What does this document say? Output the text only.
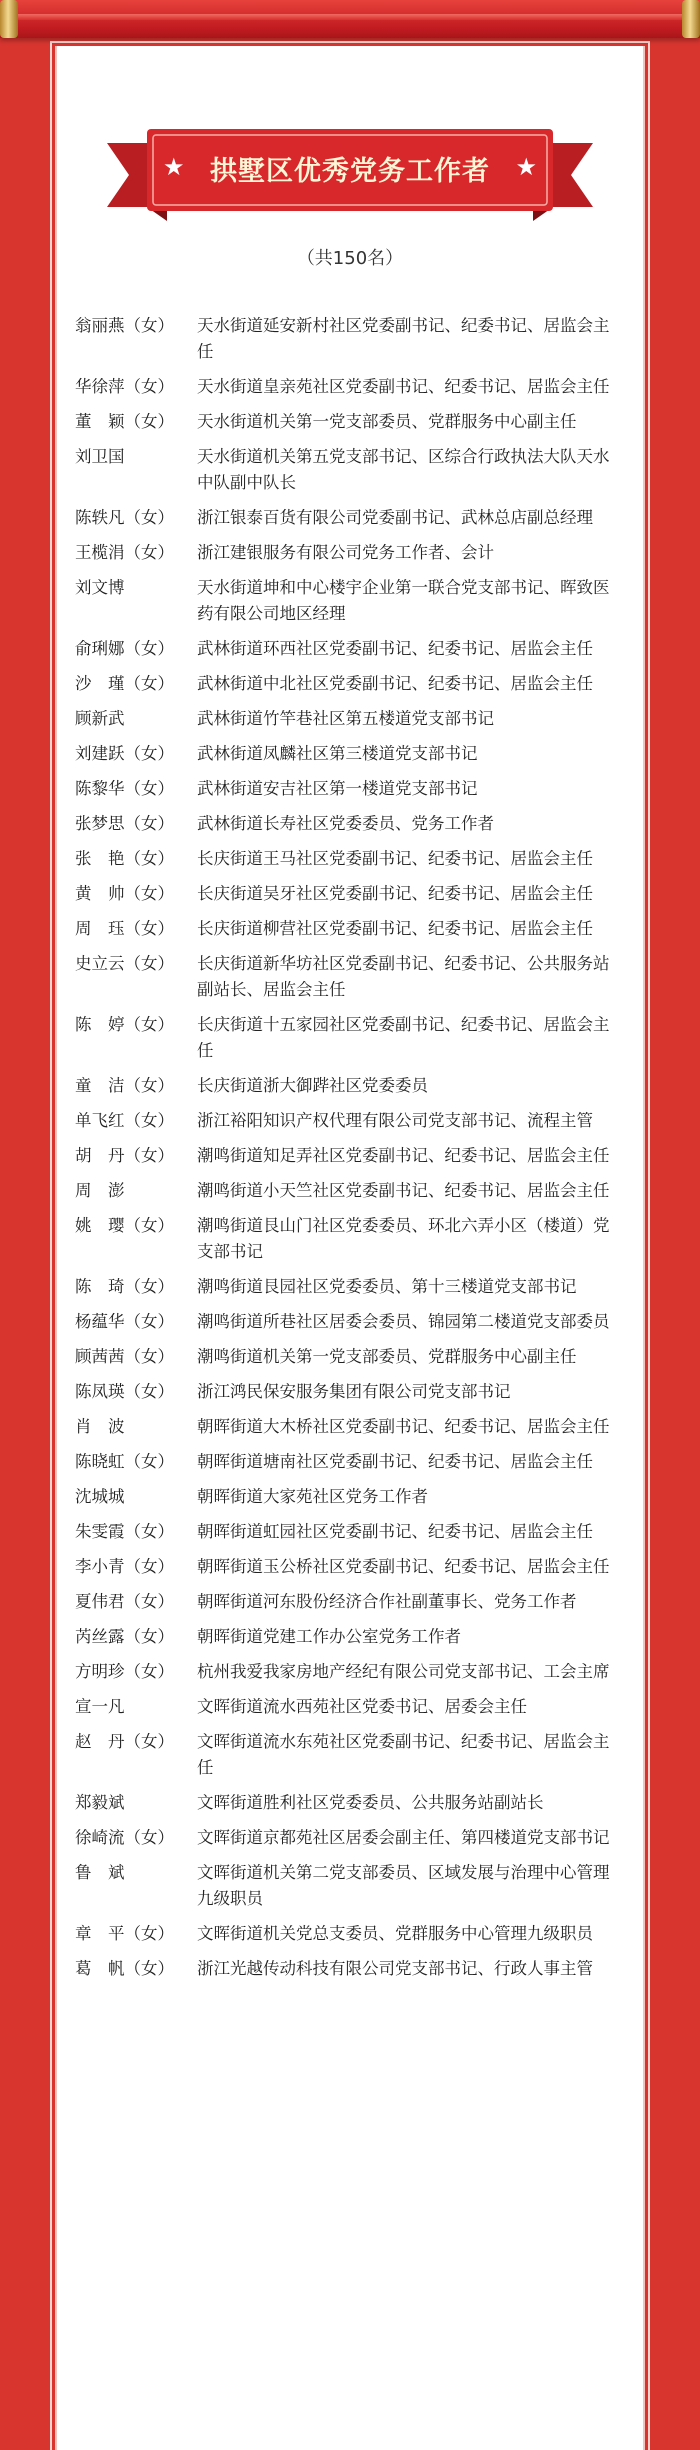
★ 拱墅区优秀党务工作者	★
（共150名）
翁丽燕（女）	天水街道延安新村社区党委副书记、纪委书记、居监会主任
华徐萍（女）	天水街道皇亲苑社区党委副书记、纪委书记、居监会主任
董　颖（女）	天水街道机关第一党支部委员、党群服务中心副主任
刘卫国	天水街道机关第五党支部书记、区综合行政执法大队天水中队副中队长
陈轶凡（女）	浙江银泰百货有限公司党委副书记、武林总店副总经理
王榄涓（女）	浙江建银服务有限公司党务工作者、会计
刘文博	天水街道坤和中心楼宇企业第一联合党支部书记、晖致医药有限公司地区经理
俞琍娜（女）	武林街道环西社区党委副书记、纪委书记、居监会主任
沙　瑾（女）	武林街道中北社区党委副书记、纪委书记、居监会主任
顾新武	武林街道竹竿巷社区第五楼道党支部书记
刘建跃（女）	武林街道凤麟社区第三楼道党支部书记
陈黎华（女）	武林街道安吉社区第一楼道党支部书记
张梦思（女）	武林街道长寿社区党委委员、党务工作者
张　艳（女）	长庆街道王马社区党委副书记、纪委书记、居监会主任
黄　帅（女）	长庆街道吴牙社区党委副书记、纪委书记、居监会主任
周　珏（女）	长庆街道柳营社区党委副书记、纪委书记、居监会主任
史立云（女）	长庆街道新华坊社区党委副书记、纪委书记、公共服务站副站长、居监会主任
陈　婷（女）	长庆街道十五家园社区党委副书记、纪委书记、居监会主任
童　洁（女）	长庆街道浙大御跸社区党委委员
单飞红（女）	浙江裕阳知识产权代理有限公司党支部书记、流程主管
胡　丹（女）	潮鸣街道知足弄社区党委副书记、纪委书记、居监会主任
周　澎	潮鸣街道小天竺社区党委副书记、纪委书记、居监会主任
姚　璎（女）	潮鸣街道艮山门社区党委委员、环北六弄小区（楼道）党支部书记
陈　琦（女）	潮鸣街道艮园社区党委委员、第十三楼道党支部书记
杨蕴华（女）	潮鸣街道所巷社区居委会委员、锦园第二楼道党支部委员
顾茜茜（女）	潮鸣街道机关第一党支部委员、党群服务中心副主任
陈凤瑛（女）	浙江鸿民保安服务集团有限公司党支部书记
肖　波	朝晖街道大木桥社区党委副书记、纪委书记、居监会主任
陈晓虹（女）	朝晖街道塘南社区党委副书记、纪委书记、居监会主任
沈城城	朝晖街道大家苑社区党务工作者
朱雯霞（女）	朝晖街道虹园社区党委副书记、纪委书记、居监会主任
李小青（女）	朝晖街道玉公桥社区党委副书记、纪委书记、居监会主任
夏伟君（女）	朝晖街道河东股份经济合作社副董事长、党务工作者
芮丝露（女）	朝晖街道党建工作办公室党务工作者
方明珍（女）	杭州我爱我家房地产经纪有限公司党支部书记、工会主席
宣一凡	文晖街道流水西苑社区党委书记、居委会主任
赵　丹（女）	文晖街道流水东苑社区党委副书记、纪委书记、居监会主任
郑毅斌	文晖街道胜利社区党委委员、公共服务站副站长
徐崎流（女）	文晖街道京都苑社区居委会副主任、第四楼道党支部书记
鲁　斌	文晖街道机关第二党支部委员、区域发展与治理中心管理九级职员
章　平（女）	文晖街道机关党总支委员、党群服务中心管理九级职员
葛　帆（女）	浙江光越传动科技有限公司党支部书记、行政人事主管
